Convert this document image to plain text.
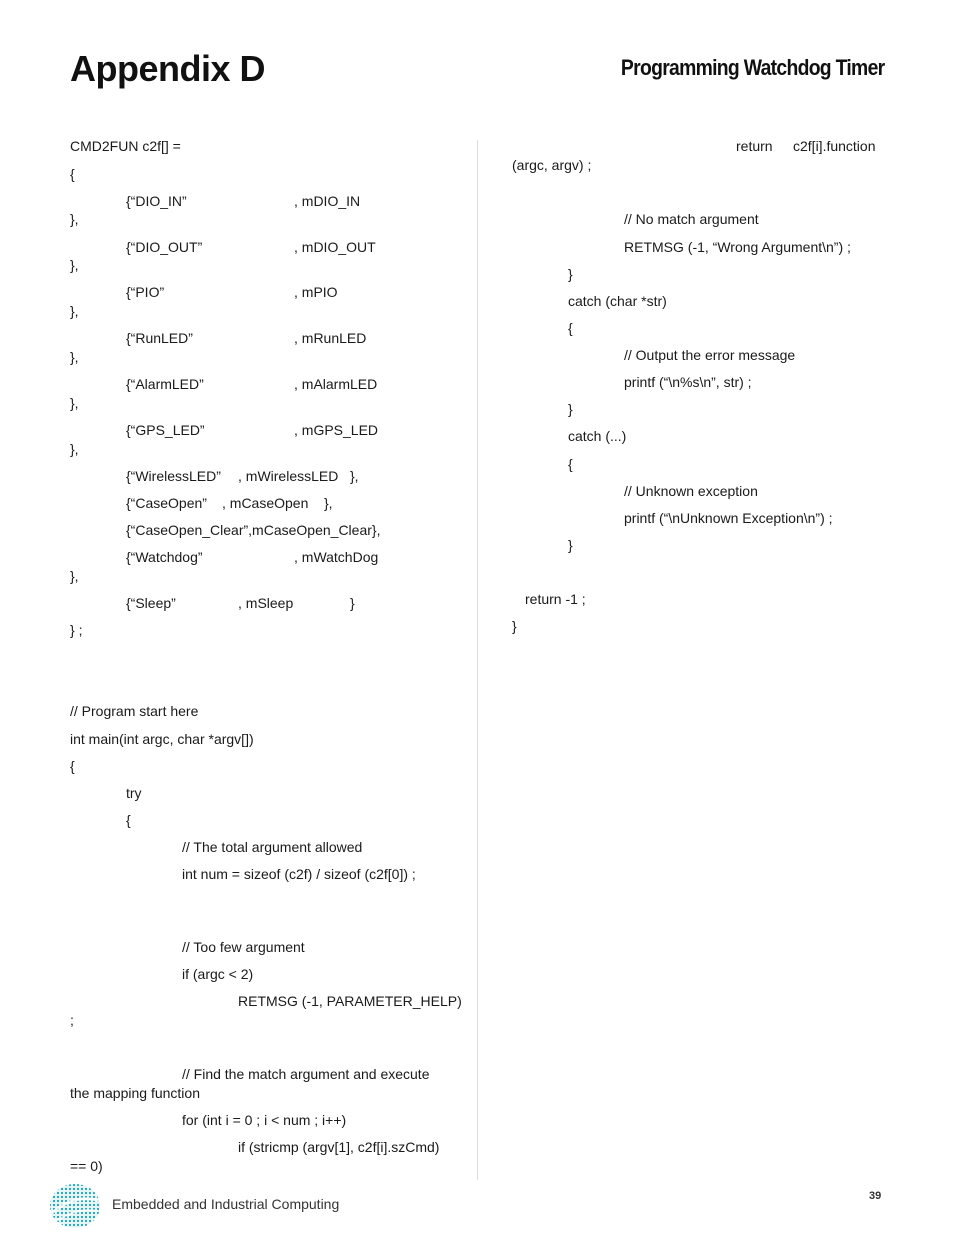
Appendix D	Programming Watchdog Timer
CMD2FUN c2f[] =
{
{“DIO_IN”	, mDIO_IN
},
{“DIO_OUT”	, mDIO_OUT
},
{“PIO”	, mPIO
},
{“RunLED”	, mRunLED
},
{“AlarmLED”	, mAlarmLED
},
{“GPS_LED”	, mGPS_LED
},
{“WirelessLED” , mWirelessLED },
{“CaseOpen” , mCaseOpen },
{“CaseOpen_Clear”,mCaseOpen_Clear},
{“Watchdog”	, mWatchDog
},
{“Sleep”	, mSleep	}
} ;
// Program start here
int main(int argc, char *argv[])
{
try
{
// The total argument allowed
int num = sizeof (c2f) / sizeof (c2f[0]) ;
// Too few argument
if (argc < 2)
RETMSG (-1, PARAMETER_HELP)
;
// Find the match argument and execute
the mapping function
for (int i = 0 ; i < num ; i++)
if (stricmp (argv[1], c2f[i].szCmd)
== 0)
return c2f[i].function
(argc, argv) ;
// No match argument
RETMSG (-1, “Wrong Argument\n”) ;
}
catch (char *str)
{
// Output the error message
printf (“\n%s\n”, str) ;
}
catch (...)
{
// Unknown exception
printf (“\nUnknown Exception\n”) ;
}
return -1 ;
}
Embedded and Industrial Computing	39
